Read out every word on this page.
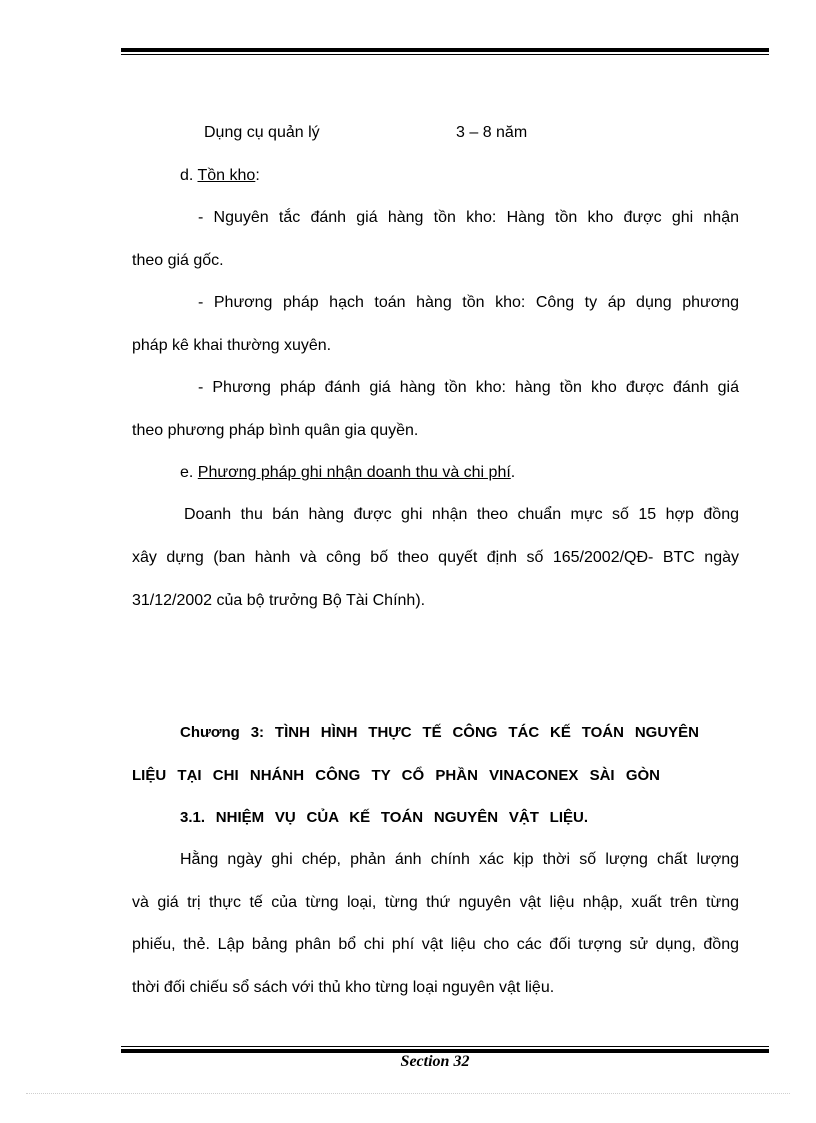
Dụng cụ quản lý	3 – 8 năm
d. Tồn kho:
- Nguyên tắc đánh giá hàng tồn kho: Hàng tồn kho được ghi nhận
theo giá gốc.
- Phương pháp hạch toán hàng tồn kho: Công ty áp dụng phương
pháp kê khai thường xuyên.
- Phương pháp đánh giá hàng tồn kho: hàng tồn kho được đánh giá
theo phương pháp bình quân gia quyền.
e. Phương pháp ghi nhận doanh thu và chi phí.
Doanh thu bán hàng được ghi nhận theo chuẩn mực số 15 hợp đồng
xây dựng (ban hành và công bố theo quyết định số 165/2002/QĐ- BTC ngày
31/12/2002 của bộ trưởng Bộ Tài Chính).
Chương 3: TÌNH HÌNH THỰC TẾ CÔNG TÁC KẾ TOÁN NGUYÊN
LIỆU TẠI CHI NHÁNH CÔNG TY CỔ PHẦN VINACONEX SÀI GÒN
3.1. NHIỆM VỤ CỦA KẾ TOÁN NGUYÊN VẬT LIỆU.
Hằng ngày ghi chép, phản ánh chính xác kịp thời số lượng chất lượng
và giá trị thực tế của từng loại, từng thứ nguyên vật liệu nhập, xuất trên từng
phiếu, thẻ. Lập bảng phân bổ chi phí vật liệu cho các đối tượng sử dụng, đồng
thời đối chiếu sổ sách với thủ kho từng loại nguyên vật liệu.
Section 32
